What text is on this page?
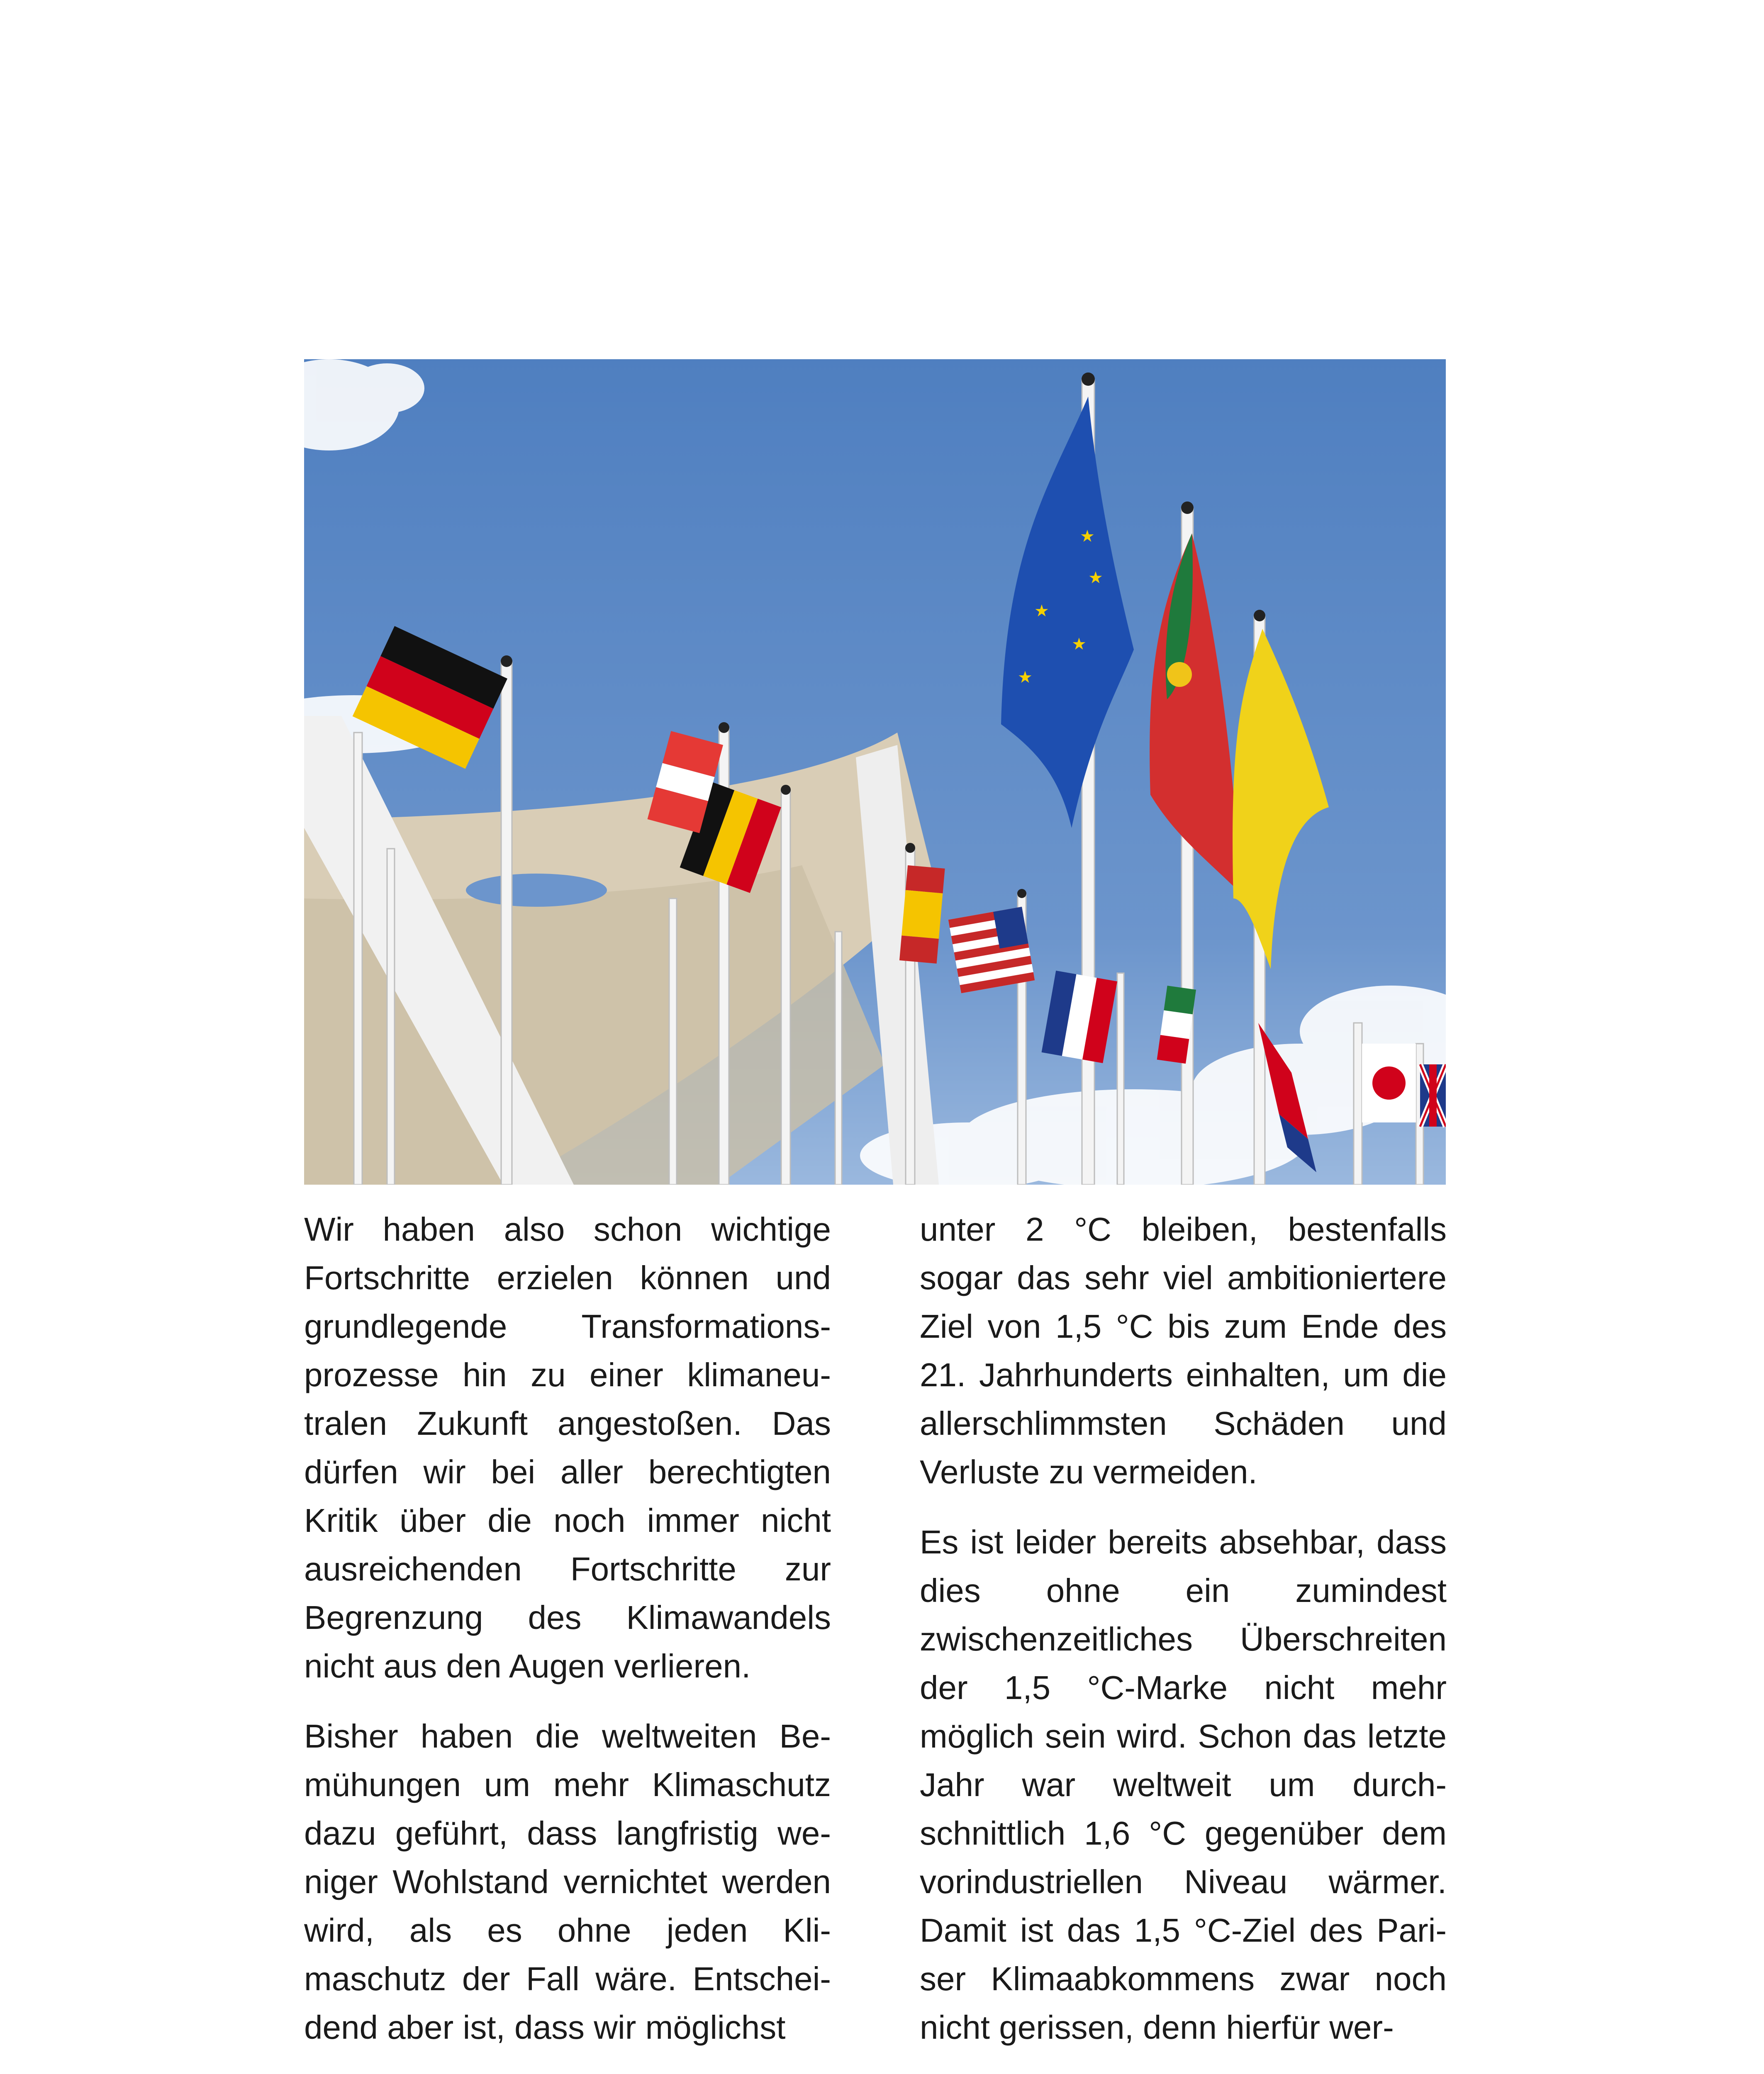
★
★
★
★
★

Wir haben also schon wichtige Fortschritte erzielen können und grundlegende Transformationsprozesse hin zu einer klimaneutralen Zukunft angestoßen. Das dürfen wir bei aller berechtigten Kritik über die noch immer nicht ausreichenden Fortschritte zur Begrenzung des Klimawandels nicht aus den Augen verlieren.

Bisher haben die weltweiten Bemühungen um mehr Klimaschutz dazu geführt, dass langfristig weniger Wohlstand vernichtet werden wird, als es ohne jeden Klimaschutz der Fall wäre. Entscheidend aber ist, dass wir möglichst

unter 2 °C bleiben, bestenfalls sogar das sehr viel ambitioniertere Ziel von 1,5 °C bis zum Ende des 21. Jahrhunderts einhalten, um die allerschlimmsten Schäden und Verluste zu vermeiden.

Es ist leider bereits absehbar, dass dies ohne ein zumindest zwischenzeitliches Überschreiten der 1,5 °C-Marke nicht mehr möglich sein wird. Schon das letzte Jahr war weltweit um durchschnittlich 1,6 °C gegenüber dem vorindustriellen Niveau wärmer. Damit ist das 1,5 °C-Ziel des Pariser Klimaabkommens zwar noch nicht gerissen, denn hierfür wer-
